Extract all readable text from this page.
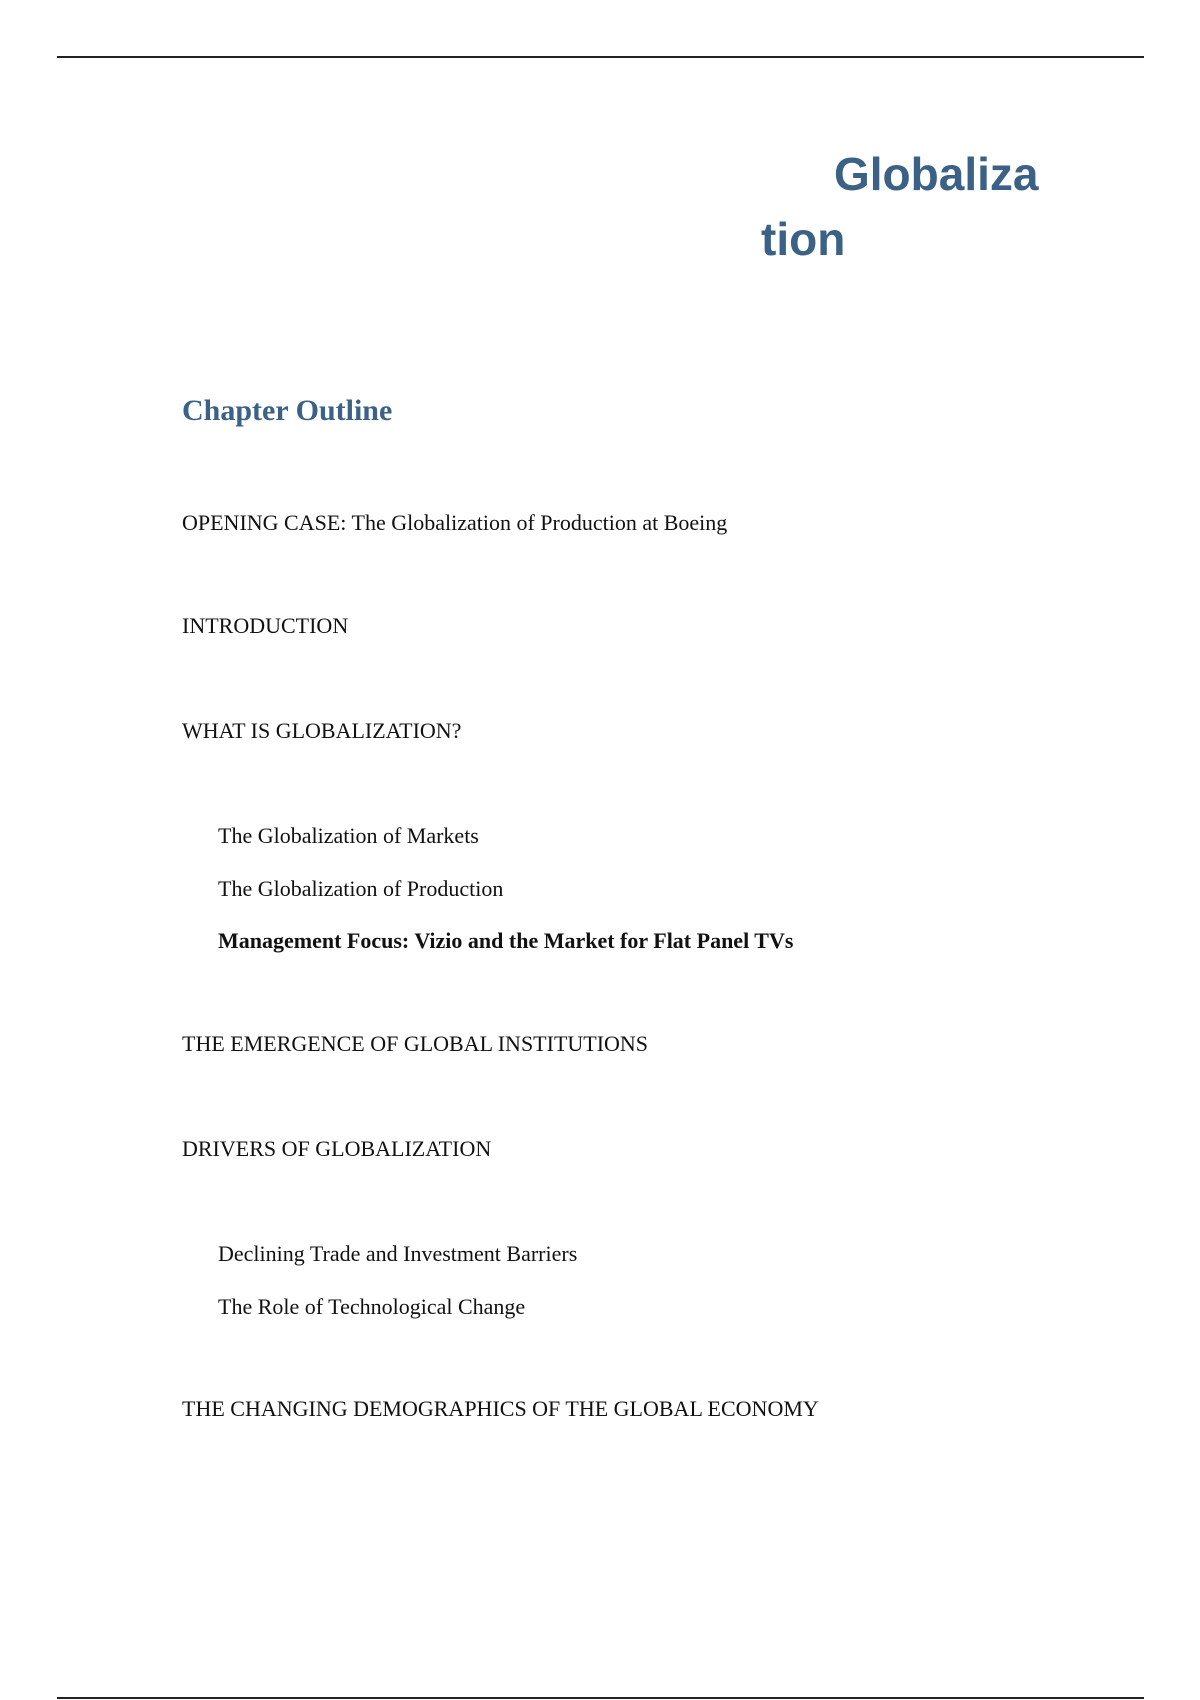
Globaliza
tion
Chapter Outline
OPENING CASE: The Globalization of Production at Boeing
INTRODUCTION
WHAT IS GLOBALIZATION?
The Globalization of Markets
The Globalization of Production
Management Focus: Vizio and the Market for Flat Panel TVs
THE EMERGENCE OF GLOBAL INSTITUTIONS
DRIVERS OF GLOBALIZATION
Declining Trade and Investment Barriers
The Role of Technological Change
THE CHANGING DEMOGRAPHICS OF THE GLOBAL ECONOMY
